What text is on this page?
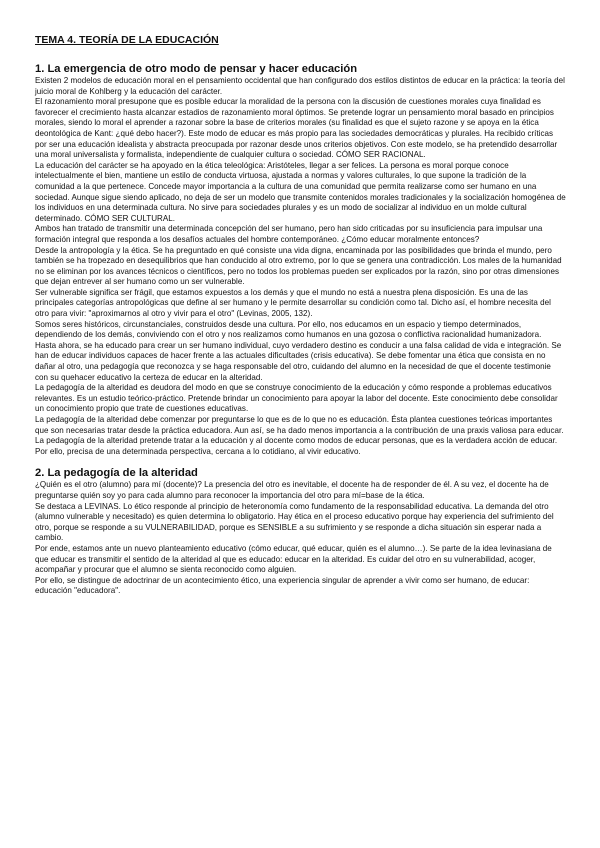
TEMA 4. TEORÍA DE LA EDUCACIÓN
1. La emergencia de otro modo de pensar y hacer educación

Existen 2 modelos de educación moral en el pensamiento occidental que han configurado dos estilos distintos de educar en la práctica: la teoría del juicio moral de Kohlberg y la educación del carácter.

El razonamiento moral presupone que es posible educar la moralidad de la persona con la discusión de cuestiones morales cuya finalidad es favorecer el crecimiento hasta alcanzar estadios de razonamiento moral óptimos. Se pretende lograr un pensamiento moral basado en principios morales, siendo lo moral el aprender a razonar sobre la base de criterios morales (su finalidad es que el sujeto razone y se apoya en la ética deontológica de Kant: ¿qué debo hacer?). Este modo de educar es más propio para las sociedades democráticas y plurales. Ha recibido críticas por ser una educación idealista y abstracta preocupada por razonar desde unos criterios objetivos. Con este modelo, se ha pretendido desarrollar una moral universalista y formalista, independiente de cualquier cultura o sociedad. CÓMO SER RACIONAL.

La educación del carácter se ha apoyado en la ética teleológica: Aristóteles, llegar a ser felices. La persona es moral porque conoce intelectualmente el bien, mantiene un estilo de conducta virtuosa, ajustada a normas y valores culturales, lo que supone la tradición de la comunidad a la que pertenece. Concede mayor importancia a la cultura de una comunidad que permita realizarse como ser humano en una sociedad. Aunque sigue siendo aplicado, no deja de ser un modelo que transmite contenidos morales tradicionales y la socialización homogénea de los individuos en una determinada cultura. No sirve para sociedades plurales y es un modo de socializar al individuo en un molde cultural determinado. CÓMO SER CULTURAL.

Ambos han tratado de transmitir una determinada concepción del ser humano, pero han sido criticadas por su insuficiencia para impulsar una formación integral que responda a los desafíos actuales del hombre contemporáneo. ¿Cómo educar moralmente entonces?

Desde la antropología y la ética. Se ha preguntado en qué consiste una vida digna, encaminada por las posibilidades que brinda el mundo, pero también se ha tropezado en desequilibrios que han conducido al otro extremo, por lo que se genera una contradicción. Los males de la humanidad no se eliminan por los avances técnicos o científicos, pero no todos los problemas pueden ser explicados por la razón, sino por otras dimensiones que dejan entrever al ser humano como un ser vulnerable.

Ser vulnerable significa ser frágil, que estamos expuestos a los demás y que el mundo no está a nuestra plena disposición. Es una de las principales categorías antropológicas que define al ser humano y le permite desarrollar su condición como tal. Dicho así, el hombre necesita del otro para vivir: "aproximarnos al otro y vivir para el otro" (Levinas, 2005, 132).

Somos seres históricos, circunstanciales, construidos desde una cultura. Por ello, nos educamos en un espacio y tiempo determinados, dependiendo de los demás, conviviendo con el otro y nos realizamos como humanos en una gozosa o conflictiva racionalidad humanizadora.

Hasta ahora, se ha educado para crear un ser humano individual, cuyo verdadero destino es conducir a una falsa calidad de vida e integración. Se han de educar individuos capaces de hacer frente a las actuales dificultades (crisis educativa). Se debe fomentar una ética que consista en no dañar al otro, una pedagogía que reconozca y se haga responsable del otro, cuidando del alumno en la necesidad de que el docente testimonie con su quehacer educativo la certeza de educar en la alteridad.

La pedagogía de la alteridad es deudora del modo en que se construye conocimiento de la educación y cómo responde a problemas educativos relevantes. Es un estudio teórico-práctico. Pretende brindar un conocimiento para apoyar la labor del docente. Este conocimiento debe consolidar un conocimiento propio que trate de cuestiones educativas.

La pedagogía de la alteridad debe comenzar por preguntarse lo que es de lo que no es educación. Ésta plantea cuestiones teóricas importantes que son necesarias tratar desde la práctica educadora. Aun así, se ha dado menos importancia a la contribución de una praxis valiosa para educar.

La pedagogía de la alteridad pretende tratar a la educación y al docente como modos de educar personas, que es la verdadera acción de educar. Por ello, precisa de una determinada perspectiva, cercana a lo cotidiano, al vivir educativo.

2. La pedagogía de la alteridad

¿Quién es el otro (alumno) para mí (docente)? La presencia del otro es inevitable, el docente ha de responder de él. A su vez, el docente ha de preguntarse quién soy yo para cada alumno para reconocer la importancia del otro para mí=base de la ética.

Se destaca a LEVINAS. Lo ético responde al principio de heteronomía como fundamento de la responsabilidad educativa. La demanda del otro (alumno vulnerable y necesitado) es quien determina lo obligatorio. Hay ética en el proceso educativo porque hay experiencia del sufrimiento del otro, porque se responde a su VULNERABILIDAD, porque es SENSIBLE a su sufrimiento y se responde a dicha situación sin esperar nada a cambio.

Por ende, estamos ante un nuevo planteamiento educativo (cómo educar, qué educar, quién es el alumno…). Se parte de la idea levinasiana de que educar es transmitir el sentido de la alteridad al que es educado: educar en la alteridad. Es cuidar del otro en su vulnerabilidad, acoger, acompañar y procurar que el alumno se sienta reconocido como alguien.

Por ello, se distingue de adoctrinar de un acontecimiento ético, una experiencia singular de aprender a vivir como ser humano, de educar: educación "educadora".
